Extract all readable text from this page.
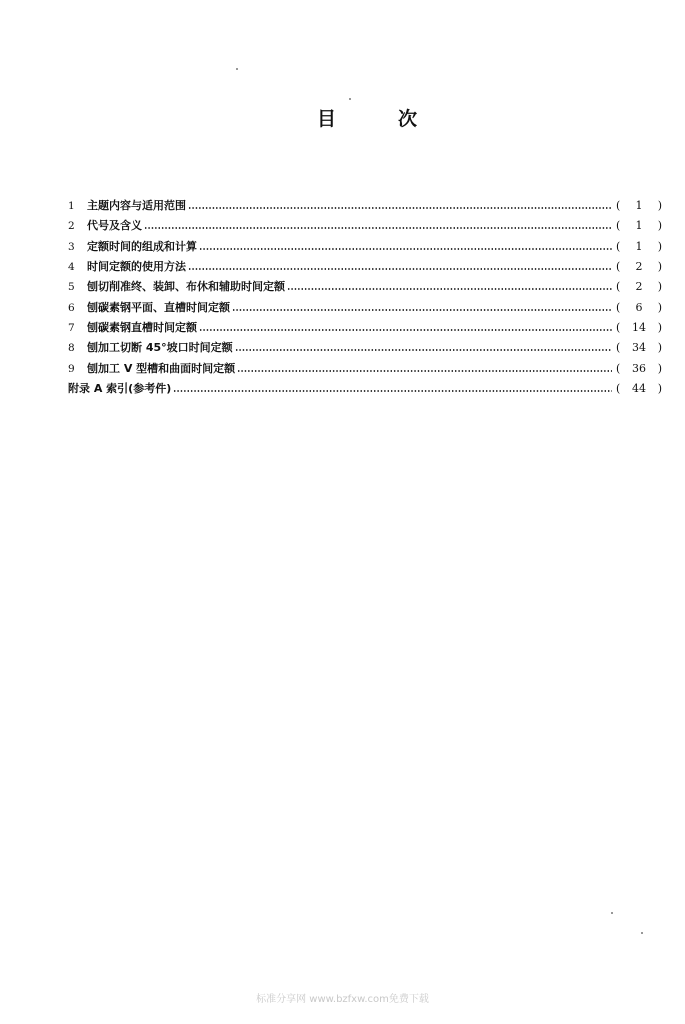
目	次
1	主题内容与适用范围	(	1	)
2	代号及含义	(	1	)
3	定额时间的组成和计算	(	1	)
4	时间定额的使用方法	(	2	)
5	刨切削准终、装卸、布休和辅助时间定额	(	2	)
6	刨碳素钢平面、直槽时间定额	(	6	)
7	刨碳素钢直槽时间定额	(	14	)
8	刨加工切断 45°坡口时间定额	(	34	)
9	刨加工 V 型槽和曲面时间定额	(	36	)
附录 A 索引(参考件)	(	44	)
标准分享网 www.bzfxw.com免费下载
